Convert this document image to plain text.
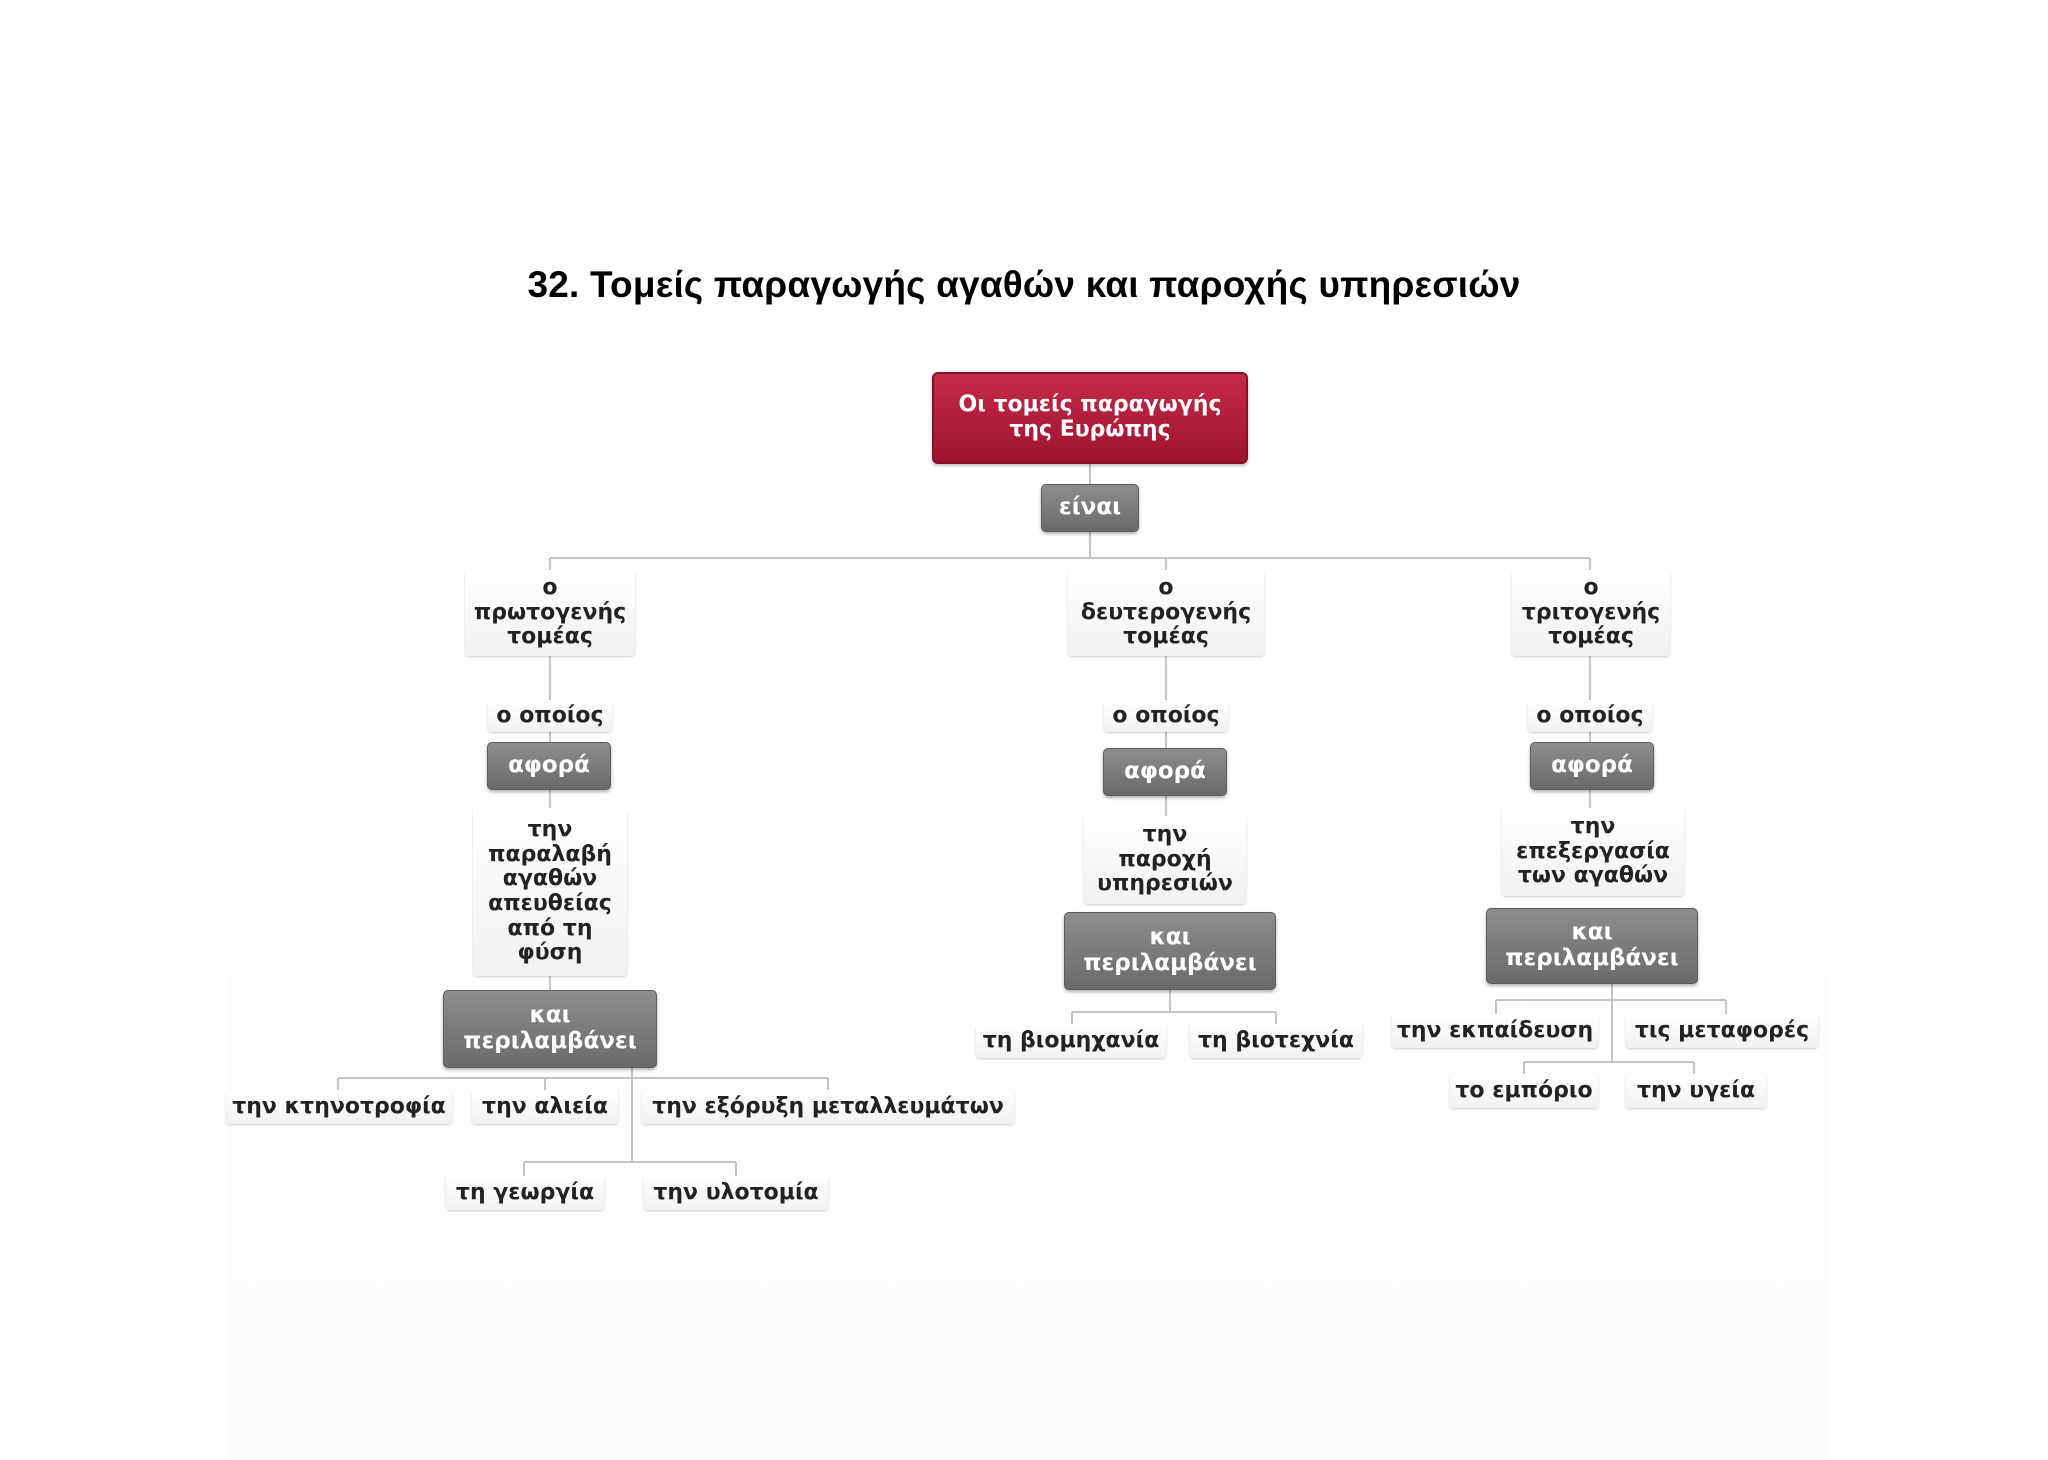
32. Τομείς παραγωγής αγαθών και παροχής υπηρεσιών
Οι τομείς παραγωγής
της Ευρώπης
είναι
ο
πρωτογενής
τομέας
ο οποίος
αφορά
την
παραλαβή
αγαθών
απευθείας
από τη
φύση
και
περιλαμβάνει
την κτηνοτροφία	την αλιεία	την εξόρυξη μεταλλευμάτων
τη γεωργία	την υλοτομία
ο
δευτερογενής
τομέας
ο οποίος
αφορά
την
παροχή
υπηρεσιών
και
περιλαμβάνει
τη βιομηχανία	τη βιοτεχνία
ο
τριτογενής
τομέας
ο οποίος
αφορά
την
επεξεργασία
των αγαθών
και
περιλαμβάνει
την εκπαίδευση	τις μεταφορές
το εμπόριο	την υγεία
